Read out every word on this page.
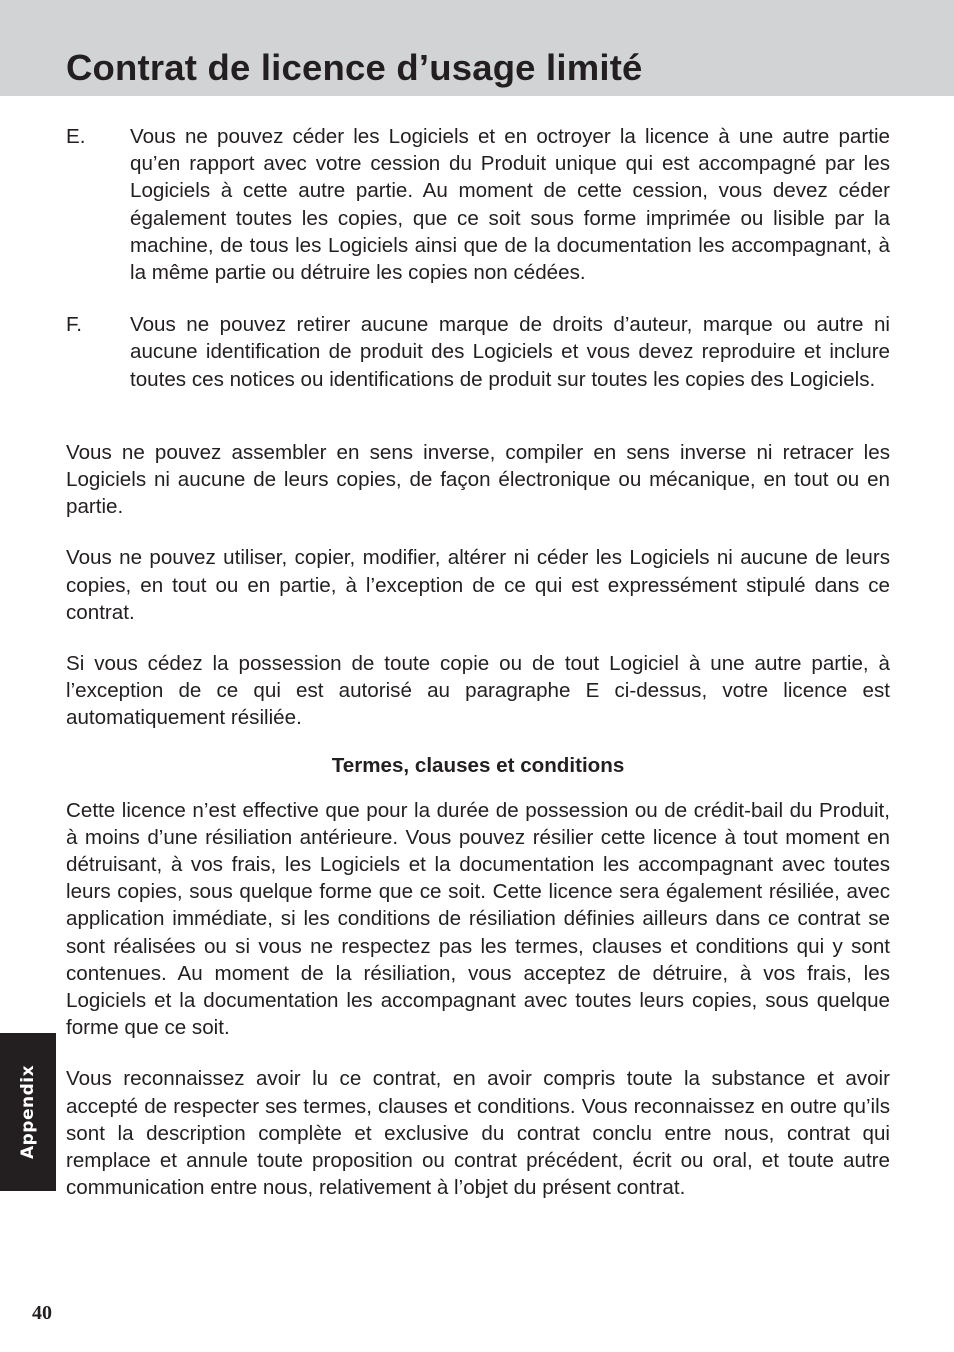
Contrat de licence d’usage limité
E.	Vous ne pouvez céder les Logiciels et en octroyer la licence à une autre partie qu’en rapport avec votre cession du Produit unique qui est accompagné par les Logiciels à cette autre partie. Au moment de cette cession, vous devez céder également toutes les copies, que ce soit sous forme imprimée ou lisible par la machine, de tous les Logiciels ainsi que de la documentation les accompagnant, à la même partie ou détruire les copies non cédées.
F.	Vous ne pouvez retirer aucune marque de droits d’auteur, marque ou autre ni aucune identification de produit des Logiciels et vous devez reproduire et inclure toutes ces notices ou identifications de produit sur toutes les copies des Logiciels.

Vous ne pouvez assembler en sens inverse, compiler en sens inverse ni retracer les Logiciels ni aucune de leurs copies, de façon électronique ou mécanique, en tout ou en partie.

Vous ne pouvez utiliser, copier, modifier, altérer ni céder les Logiciels ni aucune de leurs copies, en tout ou en partie, à l’exception de ce qui est expressément stipulé dans ce contrat.

Si vous cédez la possession de toute copie ou de tout Logiciel à une autre partie, à l’exception de ce qui est autorisé au paragraphe E ci-dessus, votre licence est automatiquement résiliée.

Termes, clauses et conditions

Cette licence n’est effective que pour la durée de possession ou de crédit-bail du Produit, à moins d’une résiliation antérieure. Vous pouvez résilier cette licence à tout moment en détruisant, à vos frais, les Logiciels et la documentation les accompagnant avec toutes leurs copies, sous quelque forme que ce soit. Cette licence sera également résiliée, avec application immédiate, si les conditions de résiliation définies ailleurs dans ce contrat se sont réalisées ou si vous ne respectez pas les termes, clauses et conditions qui y sont contenues. Au moment de la résiliation, vous acceptez de détruire, à vos frais, les Logiciels et la documentation les accompagnant avec toutes leurs copies, sous quelque forme que ce soit.

Vous reconnaissez avoir lu ce contrat, en avoir compris toute la substance et avoir accepté de respecter ses termes, clauses et conditions. Vous reconnaissez en outre qu’ils sont la description complète et exclusive du contrat conclu entre nous, contrat qui remplace et annule toute proposition ou contrat précédent, écrit ou oral, et toute autre communication entre nous, relativement à l’objet du présent contrat.

Appendix
40
